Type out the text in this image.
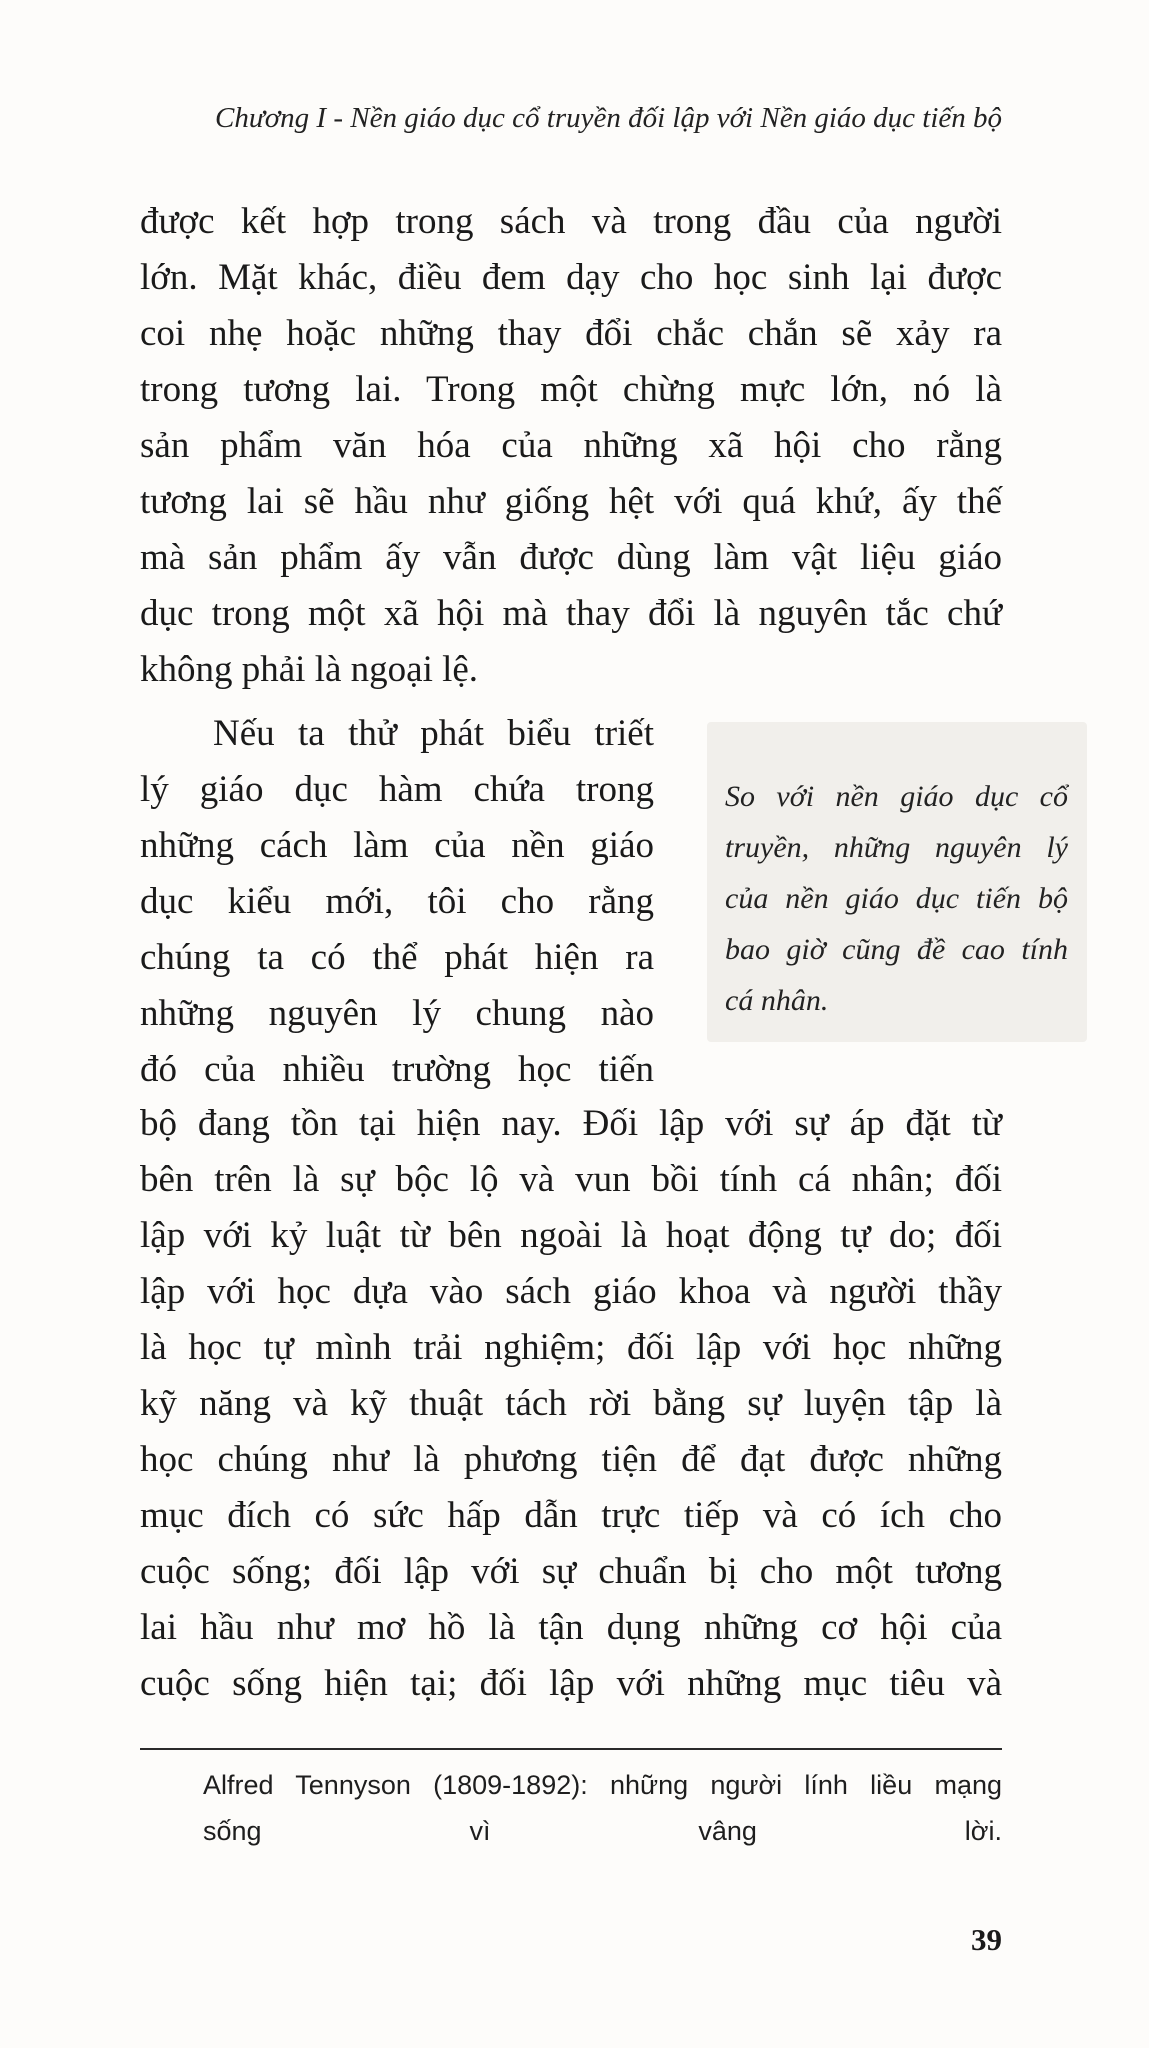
Chương I - Nền giáo dục cổ truyền đối lập với Nền giáo dục tiến bộ
được kết hợp trong sách và trong đầu của người
lớn. Mặt khác, điều đem dạy cho học sinh lại được
coi nhẹ hoặc những thay đổi chắc chắn sẽ xảy ra
trong tương lai. Trong một chừng mực lớn, nó là
sản phẩm văn hóa của những xã hội cho rằng
tương lai sẽ hầu như giống hệt với quá khứ, ấy thế
mà sản phẩm ấy vẫn được dùng làm vật liệu giáo
dục trong một xã hội mà thay đổi là nguyên tắc chứ
không phải là ngoại lệ.
Nếu ta thử phát biểu triết
lý giáo dục hàm chứa trong
những cách làm của nền giáo
dục kiểu mới, tôi cho rằng
chúng ta có thể phát hiện ra
những nguyên lý chung nào
đó của nhiều trường học tiến
So với nền giáo dục cổ
truyền, những nguyên lý
của nền giáo dục tiến bộ
bao giờ cũng đề cao tính
cá nhân.
bộ đang tồn tại hiện nay. Đối lập với sự áp đặt từ
bên trên là sự bộc lộ và vun bồi tính cá nhân; đối
lập với kỷ luật từ bên ngoài là hoạt động tự do; đối
lập với học dựa vào sách giáo khoa và người thầy
là học tự mình trải nghiệm; đối lập với học những
kỹ năng và kỹ thuật tách rời bằng sự luyện tập là
học chúng như là phương tiện để đạt được những
mục đích có sức hấp dẫn trực tiếp và có ích cho
cuộc sống; đối lập với sự chuẩn bị cho một tương
lai hầu như mơ hồ là tận dụng những cơ hội của
cuộc sống hiện tại; đối lập với những mục tiêu và
Alfred Tennyson (1809-1892): những người lính liều mạng
sống vì vâng lời.
39
